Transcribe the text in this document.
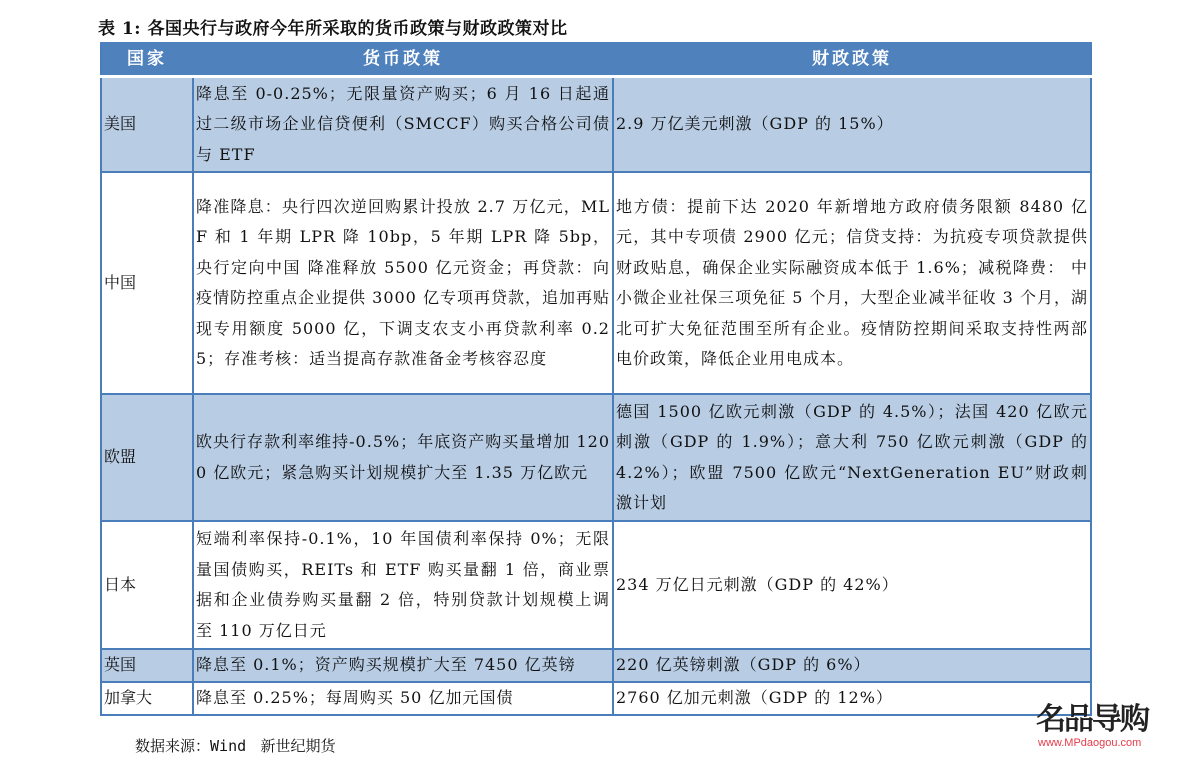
表 1: 各国央行与政府今年所采取的货币政策与财政政策对比
国家	货币政策	财政政策
美国	降息至 0-0.25%；无限量资产购买；6 月 16 日起通过二级市场企业信贷便利（SMCCF）购买合格公司债与 ETF	2.9 万亿美元刺激（GDP 的 15%）
中国	降准降息：央行四次逆回购累计投放 2.7 万亿元，MLF 和 1 年期 LPR 降 10bp，5 年期 LPR 降 5bp，央行定向中国 降准释放 5500 亿元资金；再贷款：向疫情防控重点企业提供 3000 亿专项再贷款，追加再贴现专用额度 5000 亿，下调支农支小再贷款利率 0.25；存准考核：适当提高存款准备金考核容忍度	地方债：提前下达 2020 年新增地方政府债务限额 8480 亿元，其中专项债 2900 亿元；信贷支持：为抗疫专项贷款提供财政贴息，确保企业实际融资成本低于 1.6%；减税降费： 中小微企业社保三项免征 5 个月，大型企业减半征收 3 个月，湖北可扩大免征范围至所有企业。疫情防控期间采取支持性两部电价政策，降低企业用电成本。
欧盟	欧央行存款利率维持-0.5%；年底资产购买量增加 1200 亿欧元；紧急购买计划规模扩大至 1.35 万亿欧元	德国 1500 亿欧元刺激（GDP 的 4.5%）；法国 420 亿欧元刺激（GDP 的 1.9%）；意大利 750 亿欧元刺激（GDP 的 4.2%）；欧盟 7500 亿欧元“NextGeneration EU”财政刺激计划
日本	短端利率保持-0.1%，10 年国债利率保持 0%；无限量国债购买，REITs 和 ETF 购买量翻 1 倍，商业票据和企业债券购买量翻 2 倍，特别贷款计划规模上调至 110 万亿日元	234 万亿日元刺激（GDP 的 42%）
英国	降息至 0.1%；资产购买规模扩大至 7450 亿英镑	220 亿英镑刺激（GDP 的 6%）
加拿大	降息至 0.25%；每周购买 50 亿加元国债	2760 亿加元刺激（GDP 的 12%）
数据来源：Wind 新世纪期货
名品导购
www.MPdaogou.com
